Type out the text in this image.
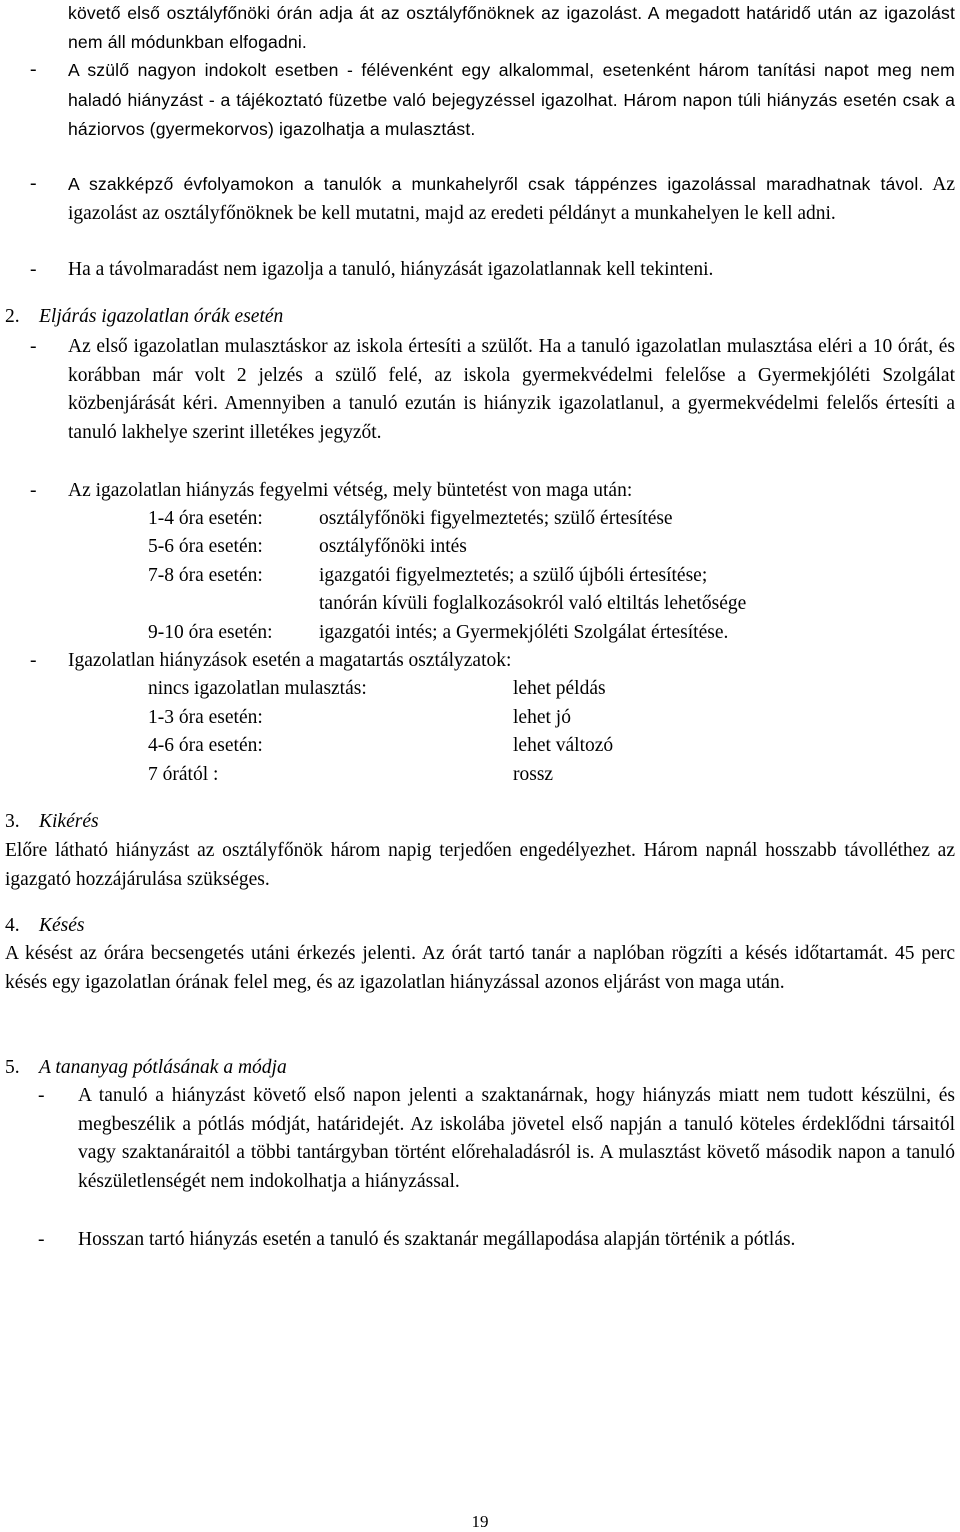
követő első osztályfőnöki órán adja át az osztályfőnöknek az igazolást. A megadott határidő után az igazolást nem áll módunkban elfogadni.
- A szülő nagyon indokolt esetben - félévenként egy alkalommal, esetenként három tanítási napot meg nem haladó hiányzást - a tájékoztató füzetbe való bejegyzéssel igazolhat. Három napon túli hiányzás esetén csak a háziorvos (gyermekorvos) igazolhatja a mulasztást.
- A szakképző évfolyamokon a tanulók a munkahelyről csak táppénzes igazolással maradhatnak távol. Az igazolást az osztályfőnöknek be kell mutatni, majd az eredeti példányt a munkahelyen le kell adni.
- Ha a távolmaradást nem igazolja a tanuló, hiányzását igazolatlannak kell tekinteni.
2. Eljárás igazolatlan órák esetén
- Az első igazolatlan mulasztáskor az iskola értesíti a szülőt. Ha a tanuló igazolatlan mulasztása eléri a 10 órát, és korábban már volt 2 jelzés a szülő felé, az iskola gyermekvédelmi felelőse a Gyermekjóléti Szolgálat közbenjárását kéri. Amennyiben a tanuló ezután is hiányzik igazolatlanul, a gyermekvédelmi felelős értesíti a tanuló lakhelye szerint illetékes jegyzőt.
- Az igazolatlan hiányzás fegyelmi vétség, mely büntetést von maga után:
1-4 óra esetén:	osztályfőnöki figyelmeztetés; szülő értesítése
5-6 óra esetén:	osztályfőnöki intés
7-8 óra esetén:	igazgatói figyelmeztetés; a szülő újbóli értesítése;
tanórán kívüli foglalkozásokról való eltiltás lehetősége
9-10 óra esetén: igazgatói intés; a Gyermekjóléti Szolgálat értesítése.
- Igazolatlan hiányzások esetén a magatartás osztályzatok:
nincs igazolatlan mulasztás:	lehet példás
1-3 óra esetén:	lehet jó
4-6 óra esetén:	lehet változó
7 órától :	rossz
3. Kikérés
Előre látható hiányzást az osztályfőnök három napig terjedően engedélyezhet. Három napnál hosszabb távolléthez az igazgató hozzájárulása szükséges.
4. Késés
A késést az órára becsengetés utáni érkezés jelenti. Az órát tartó tanár a naplóban rögzíti a késés időtartamát. 45 perc késés egy igazolatlan órának felel meg, és az igazolatlan hiányzással azonos eljárást von maga után.
5. A tananyag pótlásának a módja
- A tanuló a hiányzást követő első napon jelenti a szaktanárnak, hogy hiányzás miatt nem tudott készülni, és megbeszélik a pótlás módját, határidejét. Az iskolába jövetel első napján a tanuló köteles érdeklődni társaitól vagy szaktanáraitól a többi tantárgyban történt előrehaladásról is. A mulasztást követő második napon a tanuló készületlenségét nem indokolhatja a hiányzással.
- Hosszan tartó hiányzás esetén a tanuló és szaktanár megállapodása alapján történik a pótlás.
19
